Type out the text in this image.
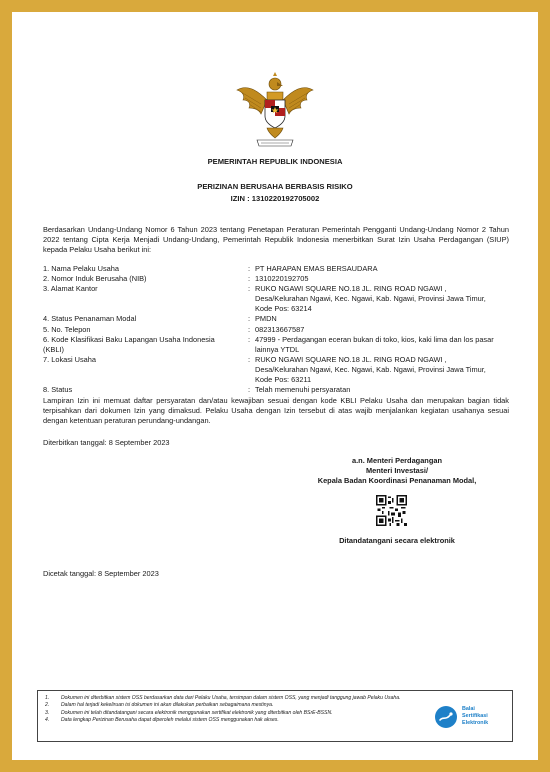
PEMERINTAH REPUBLIK INDONESIA
PERIZINAN BERUSAHA BERBASIS RISIKO
IZIN : 1310220192705002

Berdasarkan Undang-Undang Nomor 6 Tahun 2023 tentang Penetapan Peraturan Pemerintah Pengganti Undang-Undang Nomor 2 Tahun 2022 tentang Cipta Kerja Menjadi Undang-Undang, Pemerintah Republik Indonesia menerbitkan Surat Izin Usaha Perdagangan (SIUP) kepada Pelaku Usaha berikut ini:

1. Nama Pelaku Usaha	: PT HARAPAN EMAS BERSAUDARA
2. Nomor Induk Berusaha (NIB)	: 1310220192705
3. Alamat Kantor	: RUKO NGAWI SQUARE NO.18 JL. RING ROAD NGAWI ,
Desa/Kelurahan Ngawi, Kec. Ngawi, Kab. Ngawi, Provinsi Jawa Timur,
Kode Pos: 63214
4. Status Penanaman Modal	: PMDN
5. No. Telepon	: 082313667587
6. Kode Klasifikasi Baku Lapangan Usaha Indonesia
(KBLI)
: 47999 - Perdagangan eceran bukan di toko, kios, kaki lima dan los pasar
lainnya YTDL
7. Lokasi Usaha	: RUKO NGAWI SQUARE NO.18 JL. RING ROAD NGAWI ,
Desa/Kelurahan Ngawi, Kec. Ngawi, Kab. Ngawi, Provinsi Jawa Timur,
Kode Pos: 63211
8. Status	: Telah memenuhi persyaratan

Lampiran Izin ini memuat daftar persyaratan dan/atau kewajiban sesuai dengan kode KBLI Pelaku Usaha dan merupakan bagian tidak terpisahkan dari dokumen Izin yang dimaksud. Pelaku Usaha dengan Izin tersebut di atas wajib menjalankan kegiatan usahanya sesuai dengan ketentuan peraturan perundang-undangan.

Diterbitkan tanggal: 8 September 2023
a.n. Menteri Perdagangan
Menteri Investasi/
Kepala Badan Koordinasi Penanaman Modal,
Ditandatangani secara elektronik
Dicetak tanggal: 8 September 2023
1.	Dokumen ini diterbitkan sistem OSS berdasarkan data dari Pelaku Usaha, tersimpan dalam sistem OSS, yang menjadi tanggung jawab Pelaku Usaha.
2.	Dalam hal terjadi kekeliruan isi dokumen ini akan dilakukan perbaikan sebagaimana mestinya.
3.	Dokumen ini telah ditandatangani secara elektronik menggunakan sertifikat elektronik yang diterbitkan oleh BSrE-BSSN.
4.	Data lengkap Perizinan Berusaha dapat diperoleh melalui sistem OSS menggunakan hak akses.
Balai
Sertifikasi
Elektronik
